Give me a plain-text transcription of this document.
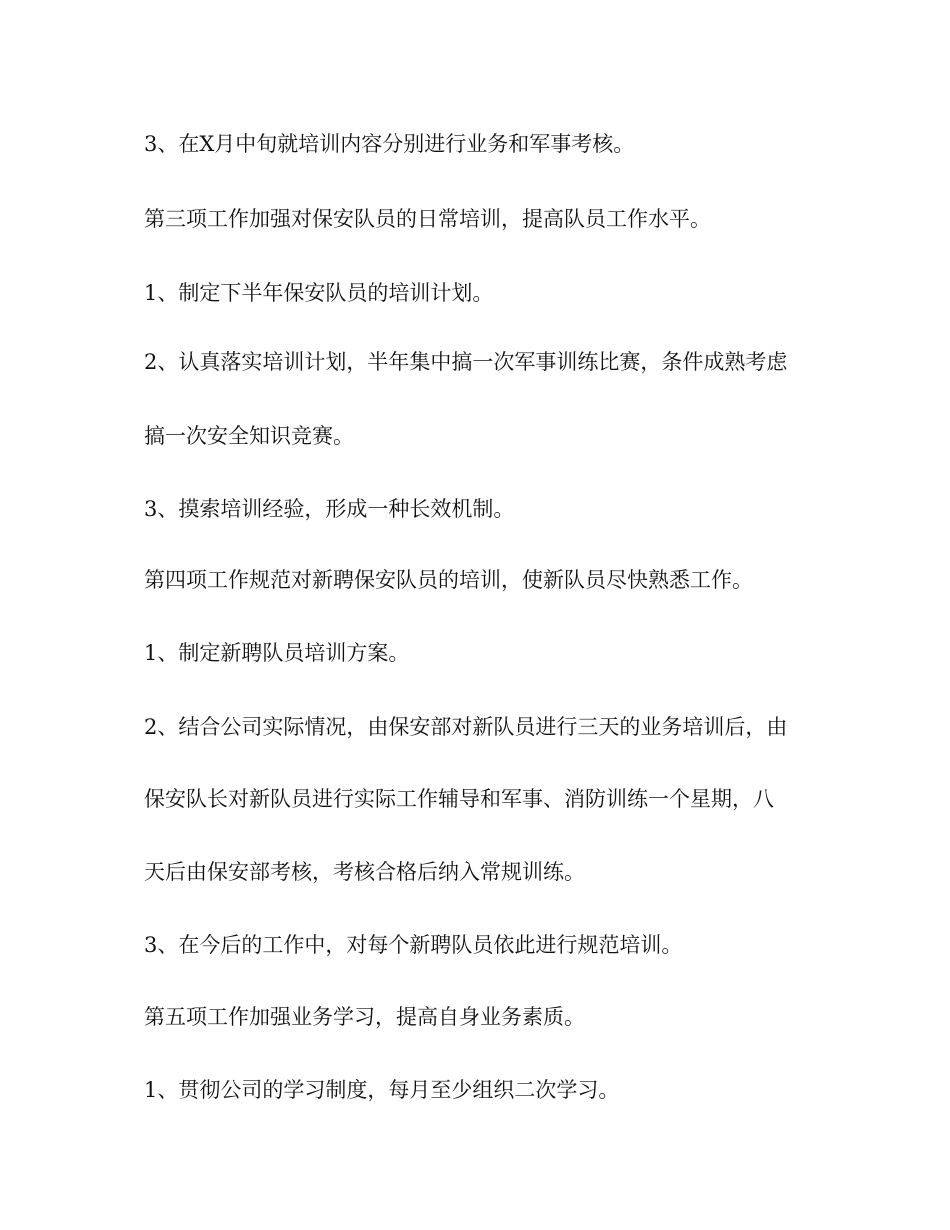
3、在X月中旬就培训内容分别进行业务和军事考核。

第三项工作加强对保安队员的日常培训，提高队员工作水平。

1、制定下半年保安队员的培训计划。

2、认真落实培训计划，半年集中搞一次军事训练比赛，条件成熟考虑

搞一次安全知识竞赛。

3、摸索培训经验，形成一种长效机制。

第四项工作规范对新聘保安队员的培训，使新队员尽快熟悉工作。

1、制定新聘队员培训方案。

2、结合公司实际情况，由保安部对新队员进行三天的业务培训后，由

保安队长对新队员进行实际工作辅导和军事、消防训练一个星期，八

天后由保安部考核，考核合格后纳入常规训练。

3、在今后的工作中，对每个新聘队员依此进行规范培训。

第五项工作加强业务学习，提高自身业务素质。

1、贯彻公司的学习制度，每月至少组织二次学习。
